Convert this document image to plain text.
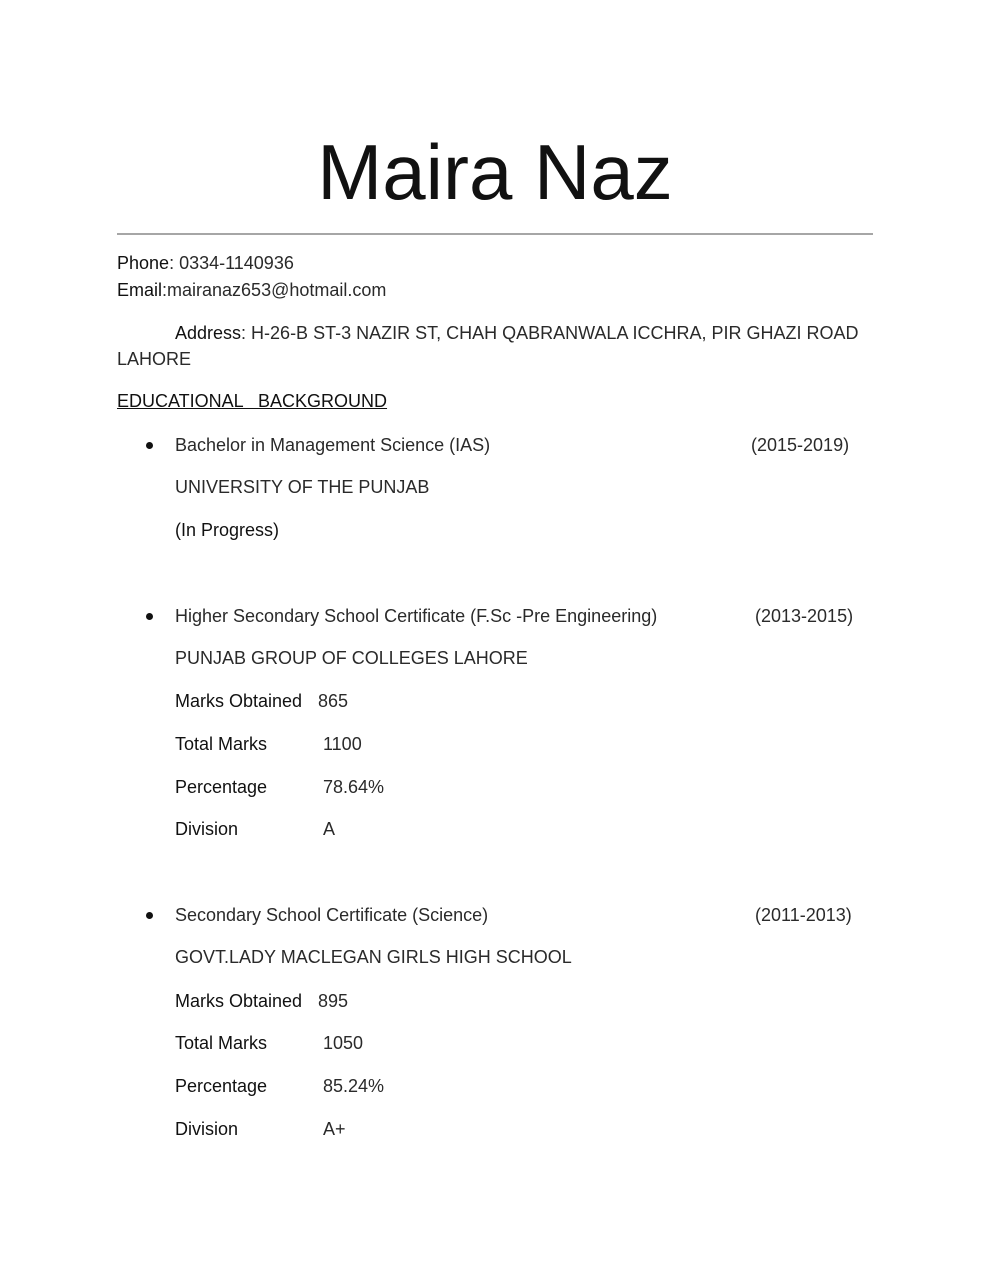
Maira Naz
Phone: 0334-1140936
Email:mairanaz653@hotmail.com
Address: H-26-B ST-3 NAZIR ST, CHAH QABRANWALA ICCHRA, PIR GHAZI ROAD
LAHORE
EDUCATIONAL   BACKGROUND
Bachelor in Management Science (IAS)	(2015-2019)
UNIVERSITY OF THE PUNJAB
(In Progress)
Higher Secondary School Certificate (F.Sc -Pre Engineering)	(2013-2015)
PUNJAB GROUP OF COLLEGES LAHORE
Marks Obtained 865
Total Marks	1100
Percentage	78.64%
Division	A
Secondary School Certificate (Science)	(2011-2013)
GOVT.LADY MACLEGAN GIRLS HIGH SCHOOL
Marks Obtained 895
Total Marks	1050
Percentage	85.24%
Division	A+
